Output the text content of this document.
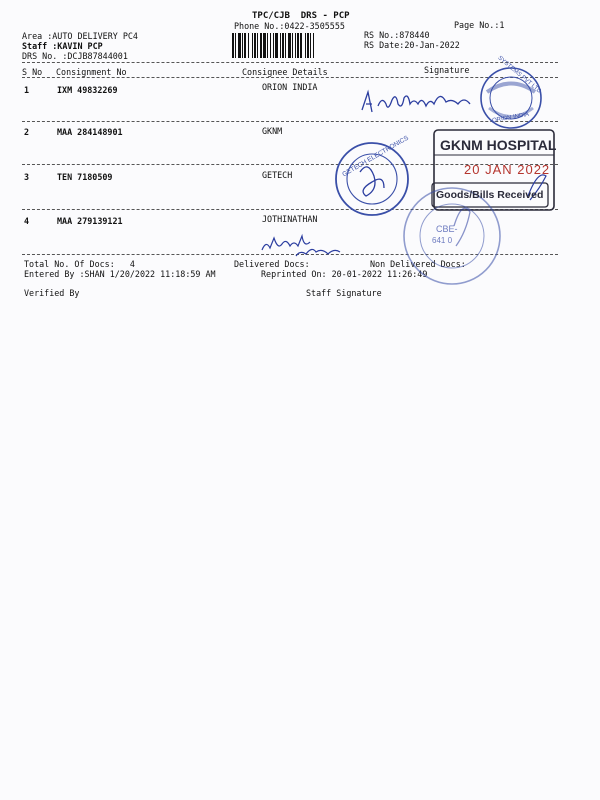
TPC/CJB  DRS - PCP
Phone No.:0422-3505555	Page No.:1
Area :AUTO DELIVERY PC4
Staff :KAVIN PCP
DRS No. :DCJB87844001
RS No.:878440
RS Date:20-Jan-2022
S No Consignment No	Consignee Details	Signature
1	IXM 49832269	ORION INDIA
2	MAA 284148901	GKNM
3	TEN 7180509	GETECH
4	MAA 279139121	JOTHINATHAN
Total No. Of Docs:   4	Delivered Docs:	Non Delivered Docs:
Entered By :SHAN 1/20/2022 11:18:59 AM	Reprinted On: 20-01-2022 11:26:49
Verified By	Staff Signature
GKNM HOSPITAL
20 JAN 2022
Goods/Bills Received
SYSTEMS PVT LTD
ORION INDIA
GETECH ELECTRONICS
CBE-
641 0
